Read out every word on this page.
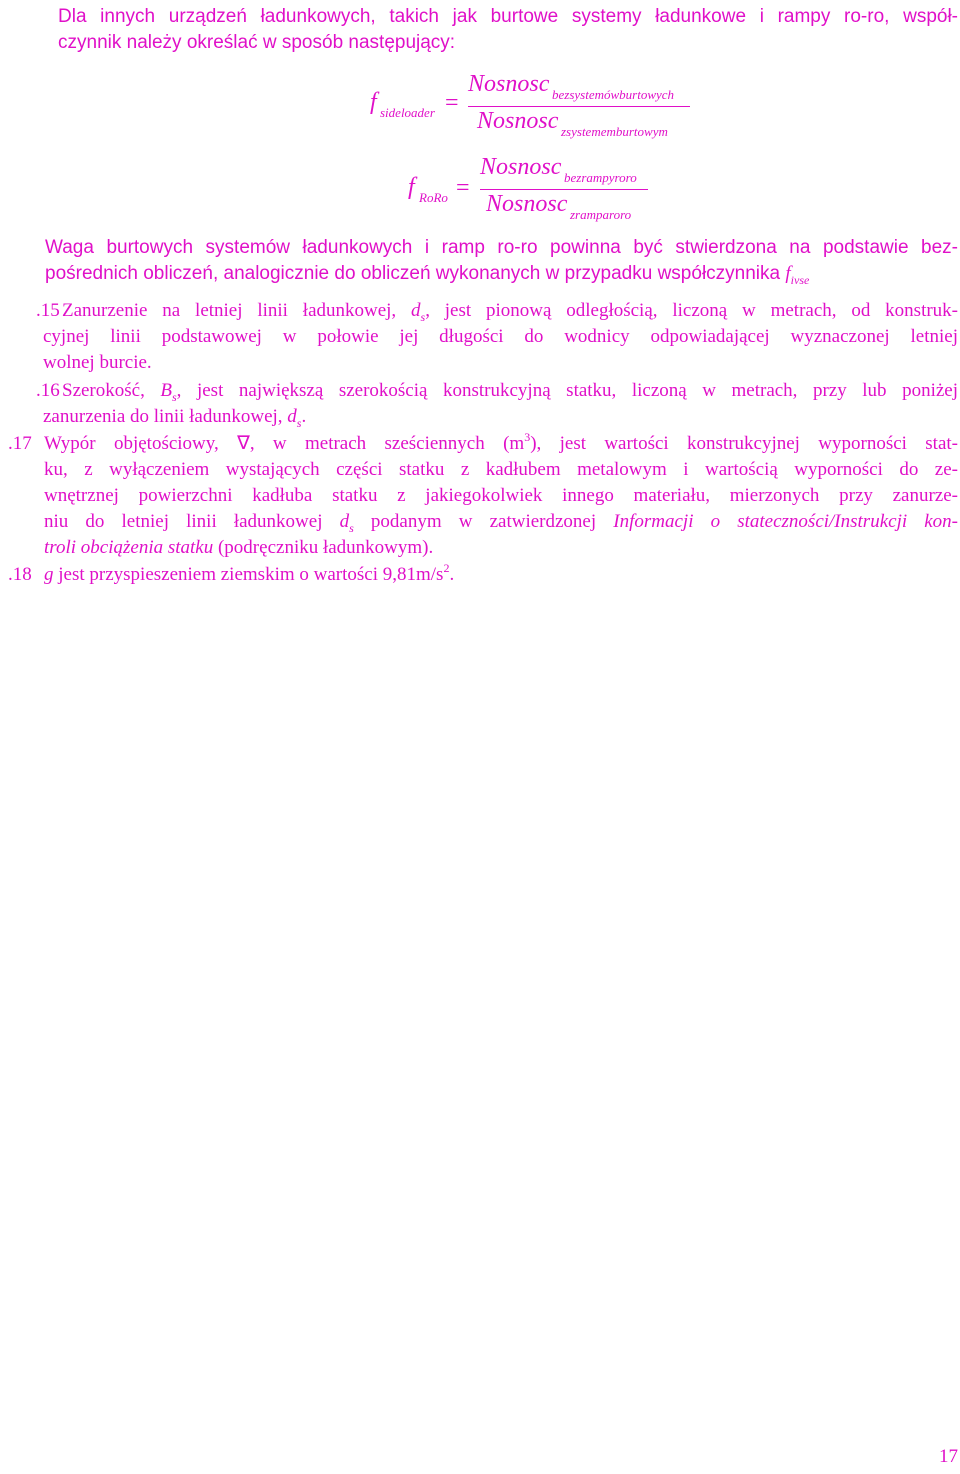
Dla innych urządzeń ładunkowych, takich jak burtowe systemy ładunkowe i rampy ro-ro, współ-
czynnik należy określać w sposób następujący:
f sideloader =
Nosnosc bezsystemówburtowych
Nosnosc zsystememburtowym
f RoRo =
Nosnosc bezrampyroro
Nosnosc zramparoro
Waga burtowych systemów ładunkowych i ramp ro-ro powinna być stwierdzona na podstawie bez-
pośrednich obliczeń, analogicznie do obliczeń wykonanych w przypadku współczynnika $f_{ivse}$
.15 Zanurzenie na letniej linii ładunkowej, $d_s$, jest pionową odległością, liczoną w metrach, od konstruk-
cyjnej linii podstawowej w połowie jej długości do wodnicy odpowiadającej wyznaczonej letniej
wolnej burcie.
.16 Szerokość, $B_s$, jest największą szerokością konstrukcyjną statku, liczoną w metrach, przy lub poniżej
zanurzenia do linii ładunkowej, $d_s$.
.17 Wypór objętościowy, ∇, w metrach sześciennych $(m^3)$, jest wartości konstrukcyjnej wyporności stat-
ku, z wyłączeniem wystających części statku z kadłubem metalowym i wartością wyporności do ze-
wnętrznej powierzchni kadłuba statku z jakiegokolwiek innego materiału, mierzonych przy zanurze-
niu do letniej linii ładunkowej $d_s$ podanym w zatwierdzonej Informacji o stateczności/Instrukcji kon-
troli obciążenia statku (podręczniku ładunkowym).
.18 g jest przyspieszeniem ziemskim o wartości $9,81m/s^2$.
17
